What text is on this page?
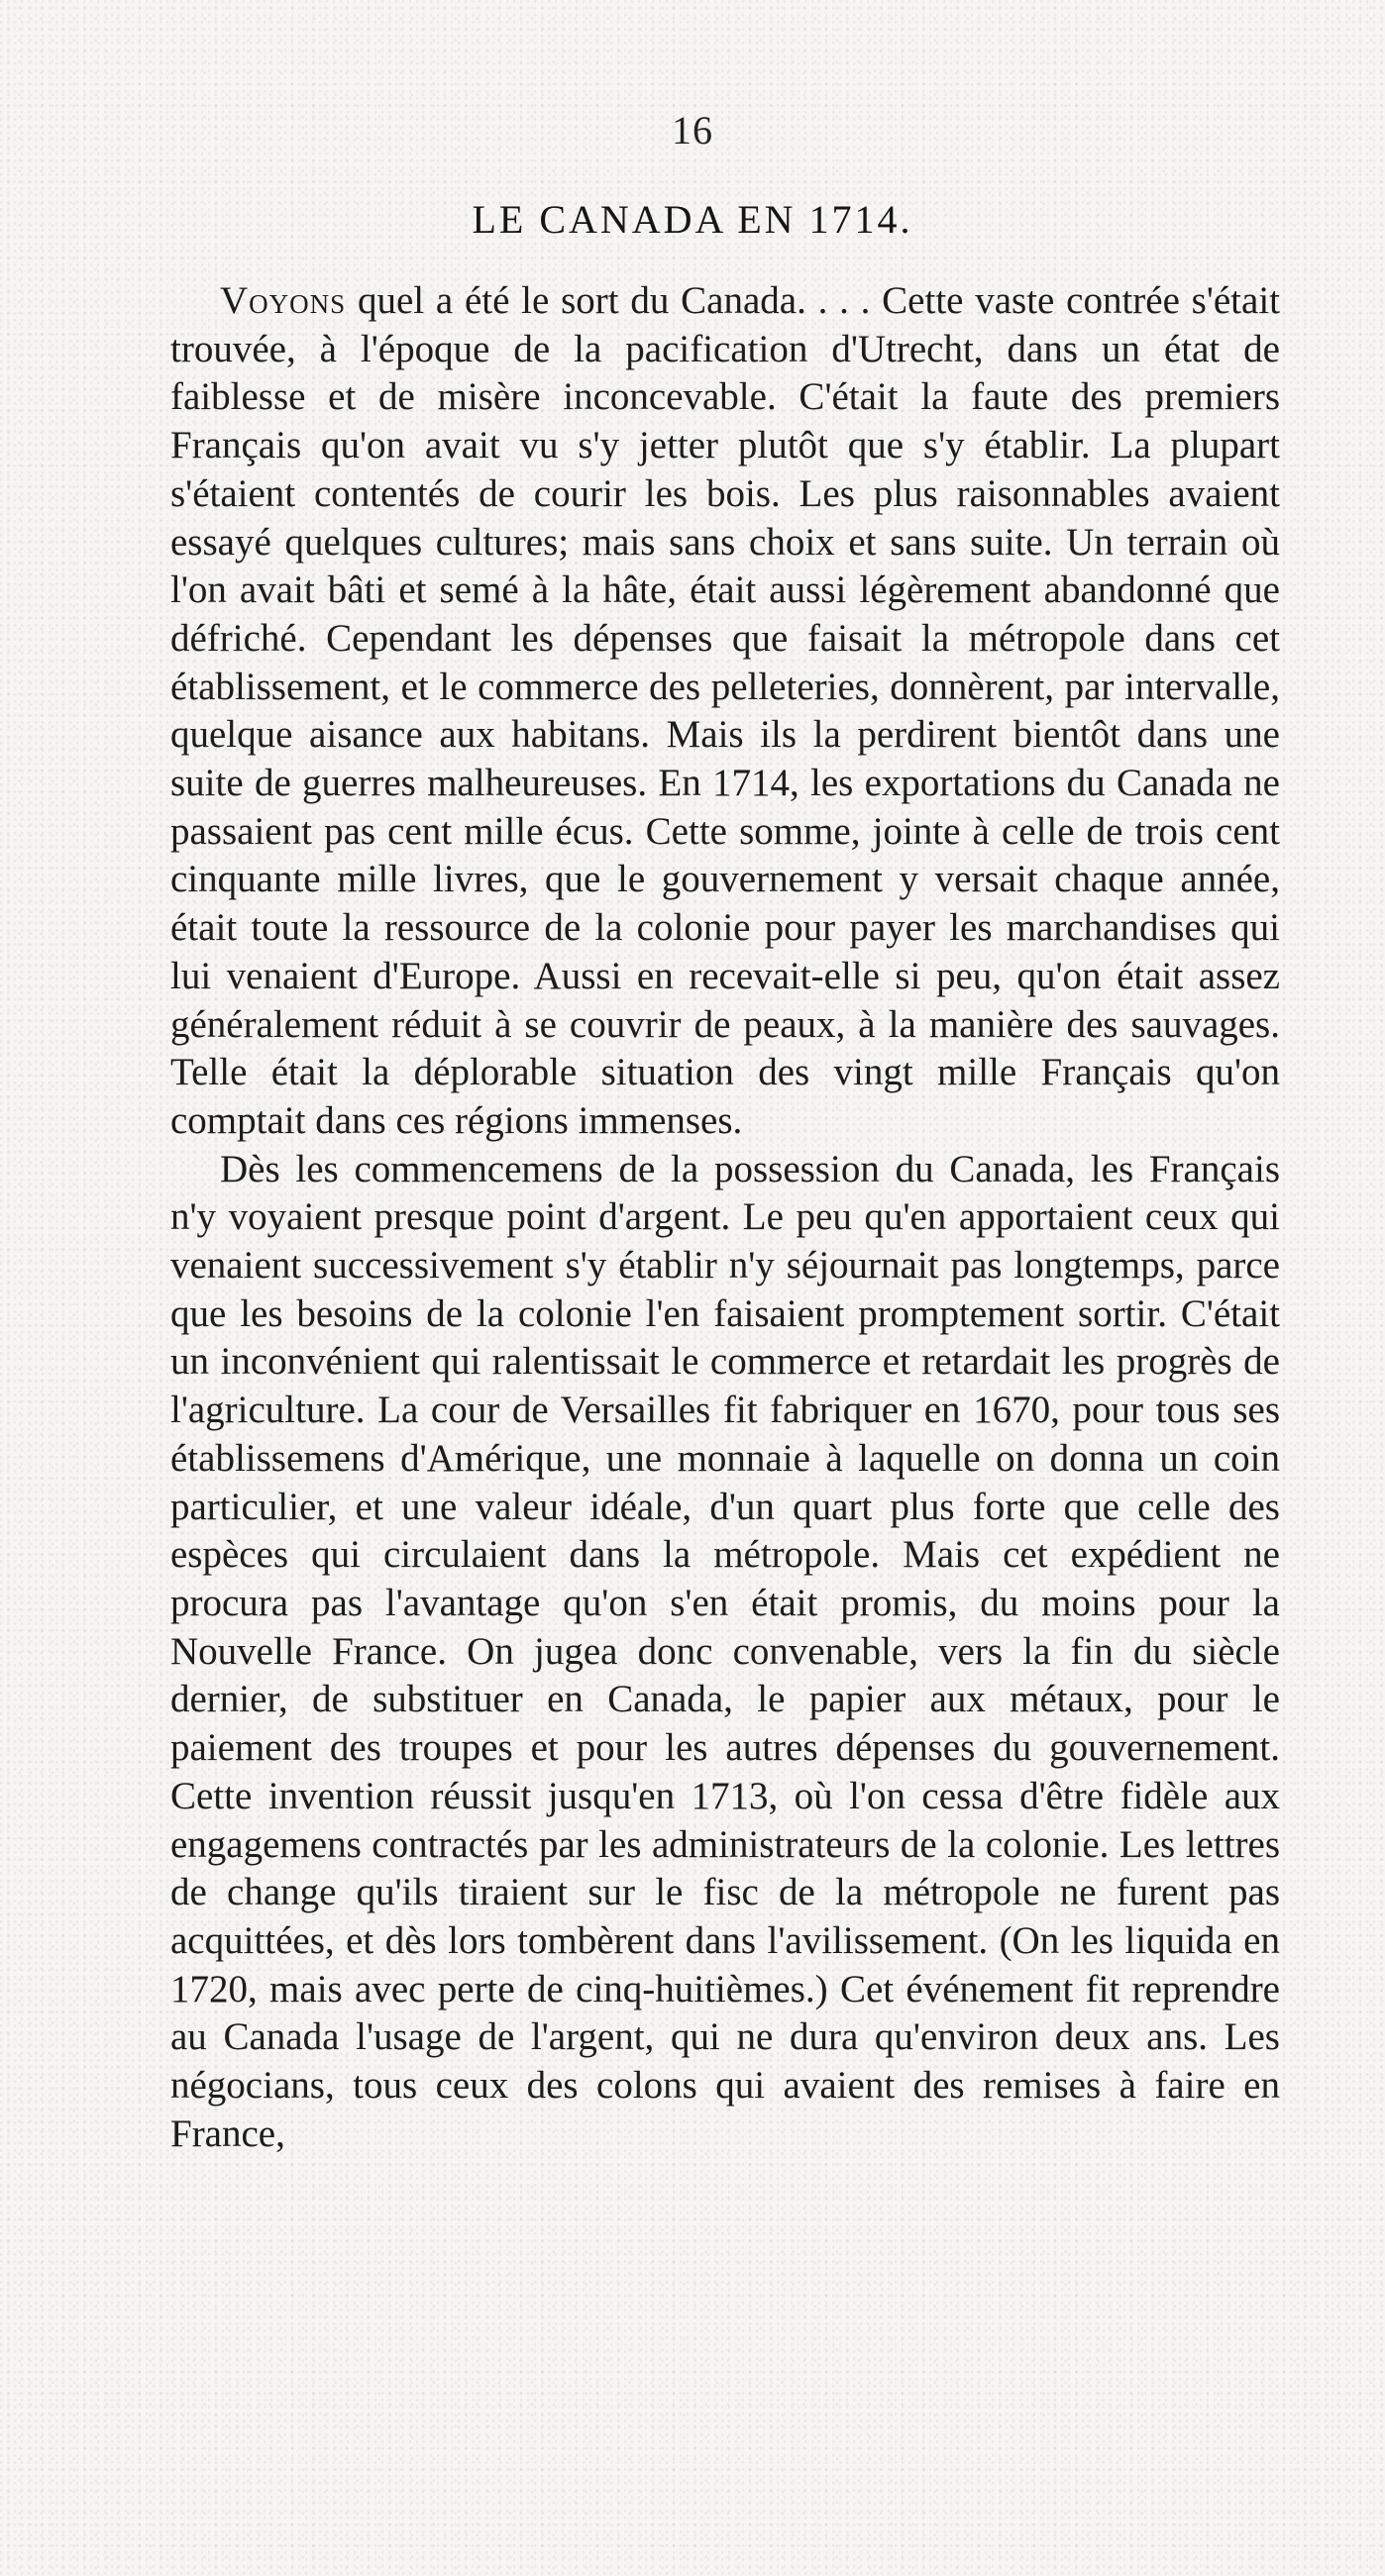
16
LE CANADA EN 1714.

Voyons quel a été le sort du Canada. . . . Cette vaste contrée s'était trouvée, à l'époque de la pacification d'Utrecht, dans un état de faiblesse et de misère inconcevable. C'était la faute des premiers Français qu'on avait vu s'y jetter plutôt que s'y établir. La plupart s'étaient contentés de courir les bois. Les plus raisonnables avaient essayé quelques cultures; mais sans choix et sans suite. Un terrain où l'on avait bâti et semé à la hâte, était aussi légèrement abandonné que défriché. Cependant les dépenses que faisait la métropole dans cet établissement, et le commerce des pelleteries, donnèrent, par intervalle, quelque aisance aux habitans. Mais ils la perdirent bientôt dans une suite de guerres malheureuses. En 1714, les exportations du Canada ne passaient pas cent mille écus. Cette somme, jointe à celle de trois cent cinquante mille livres, que le gouvernement y versait chaque année, était toute la ressource de la colonie pour payer les marchandises qui lui venaient d'Europe. Aussi en recevait-elle si peu, qu'on était assez généralement réduit à se couvrir de peaux, à la manière des sauvages. Telle était la déplorable situation des vingt mille Français qu'on comptait dans ces régions immenses.

Dès les commencemens de la possession du Canada, les Français n'y voyaient presque point d'argent. Le peu qu'en apportaient ceux qui venaient successivement s'y établir n'y séjournait pas longtemps, parce que les besoins de la colonie l'en faisaient promptement sortir. C'était un inconvénient qui ralentissait le commerce et retardait les progrès de l'agriculture. La cour de Versailles fit fabriquer en 1670, pour tous ses établissemens d'Amérique, une monnaie à laquelle on donna un coin particulier, et une valeur idéale, d'un quart plus forte que celle des espèces qui circulaient dans la métropole. Mais cet expédient ne procura pas l'avantage qu'on s'en était promis, du moins pour la Nouvelle France. On jugea donc convenable, vers la fin du siècle dernier, de substituer en Canada, le papier aux métaux, pour le paiement des troupes et pour les autres dépenses du gouvernement. Cette invention réussit jusqu'en 1713, où l'on cessa d'être fidèle aux engagemens contractés par les administrateurs de la colonie. Les lettres de change qu'ils tiraient sur le fisc de la métropole ne furent pas acquittées, et dès lors tombèrent dans l'avilissement. (On les liquida en 1720, mais avec perte de cinq-huitièmes.) Cet événement fit reprendre au Canada l'usage de l'argent, qui ne dura qu'environ deux ans. Les négocians, tous ceux des colons qui avaient des remises à faire en France,
